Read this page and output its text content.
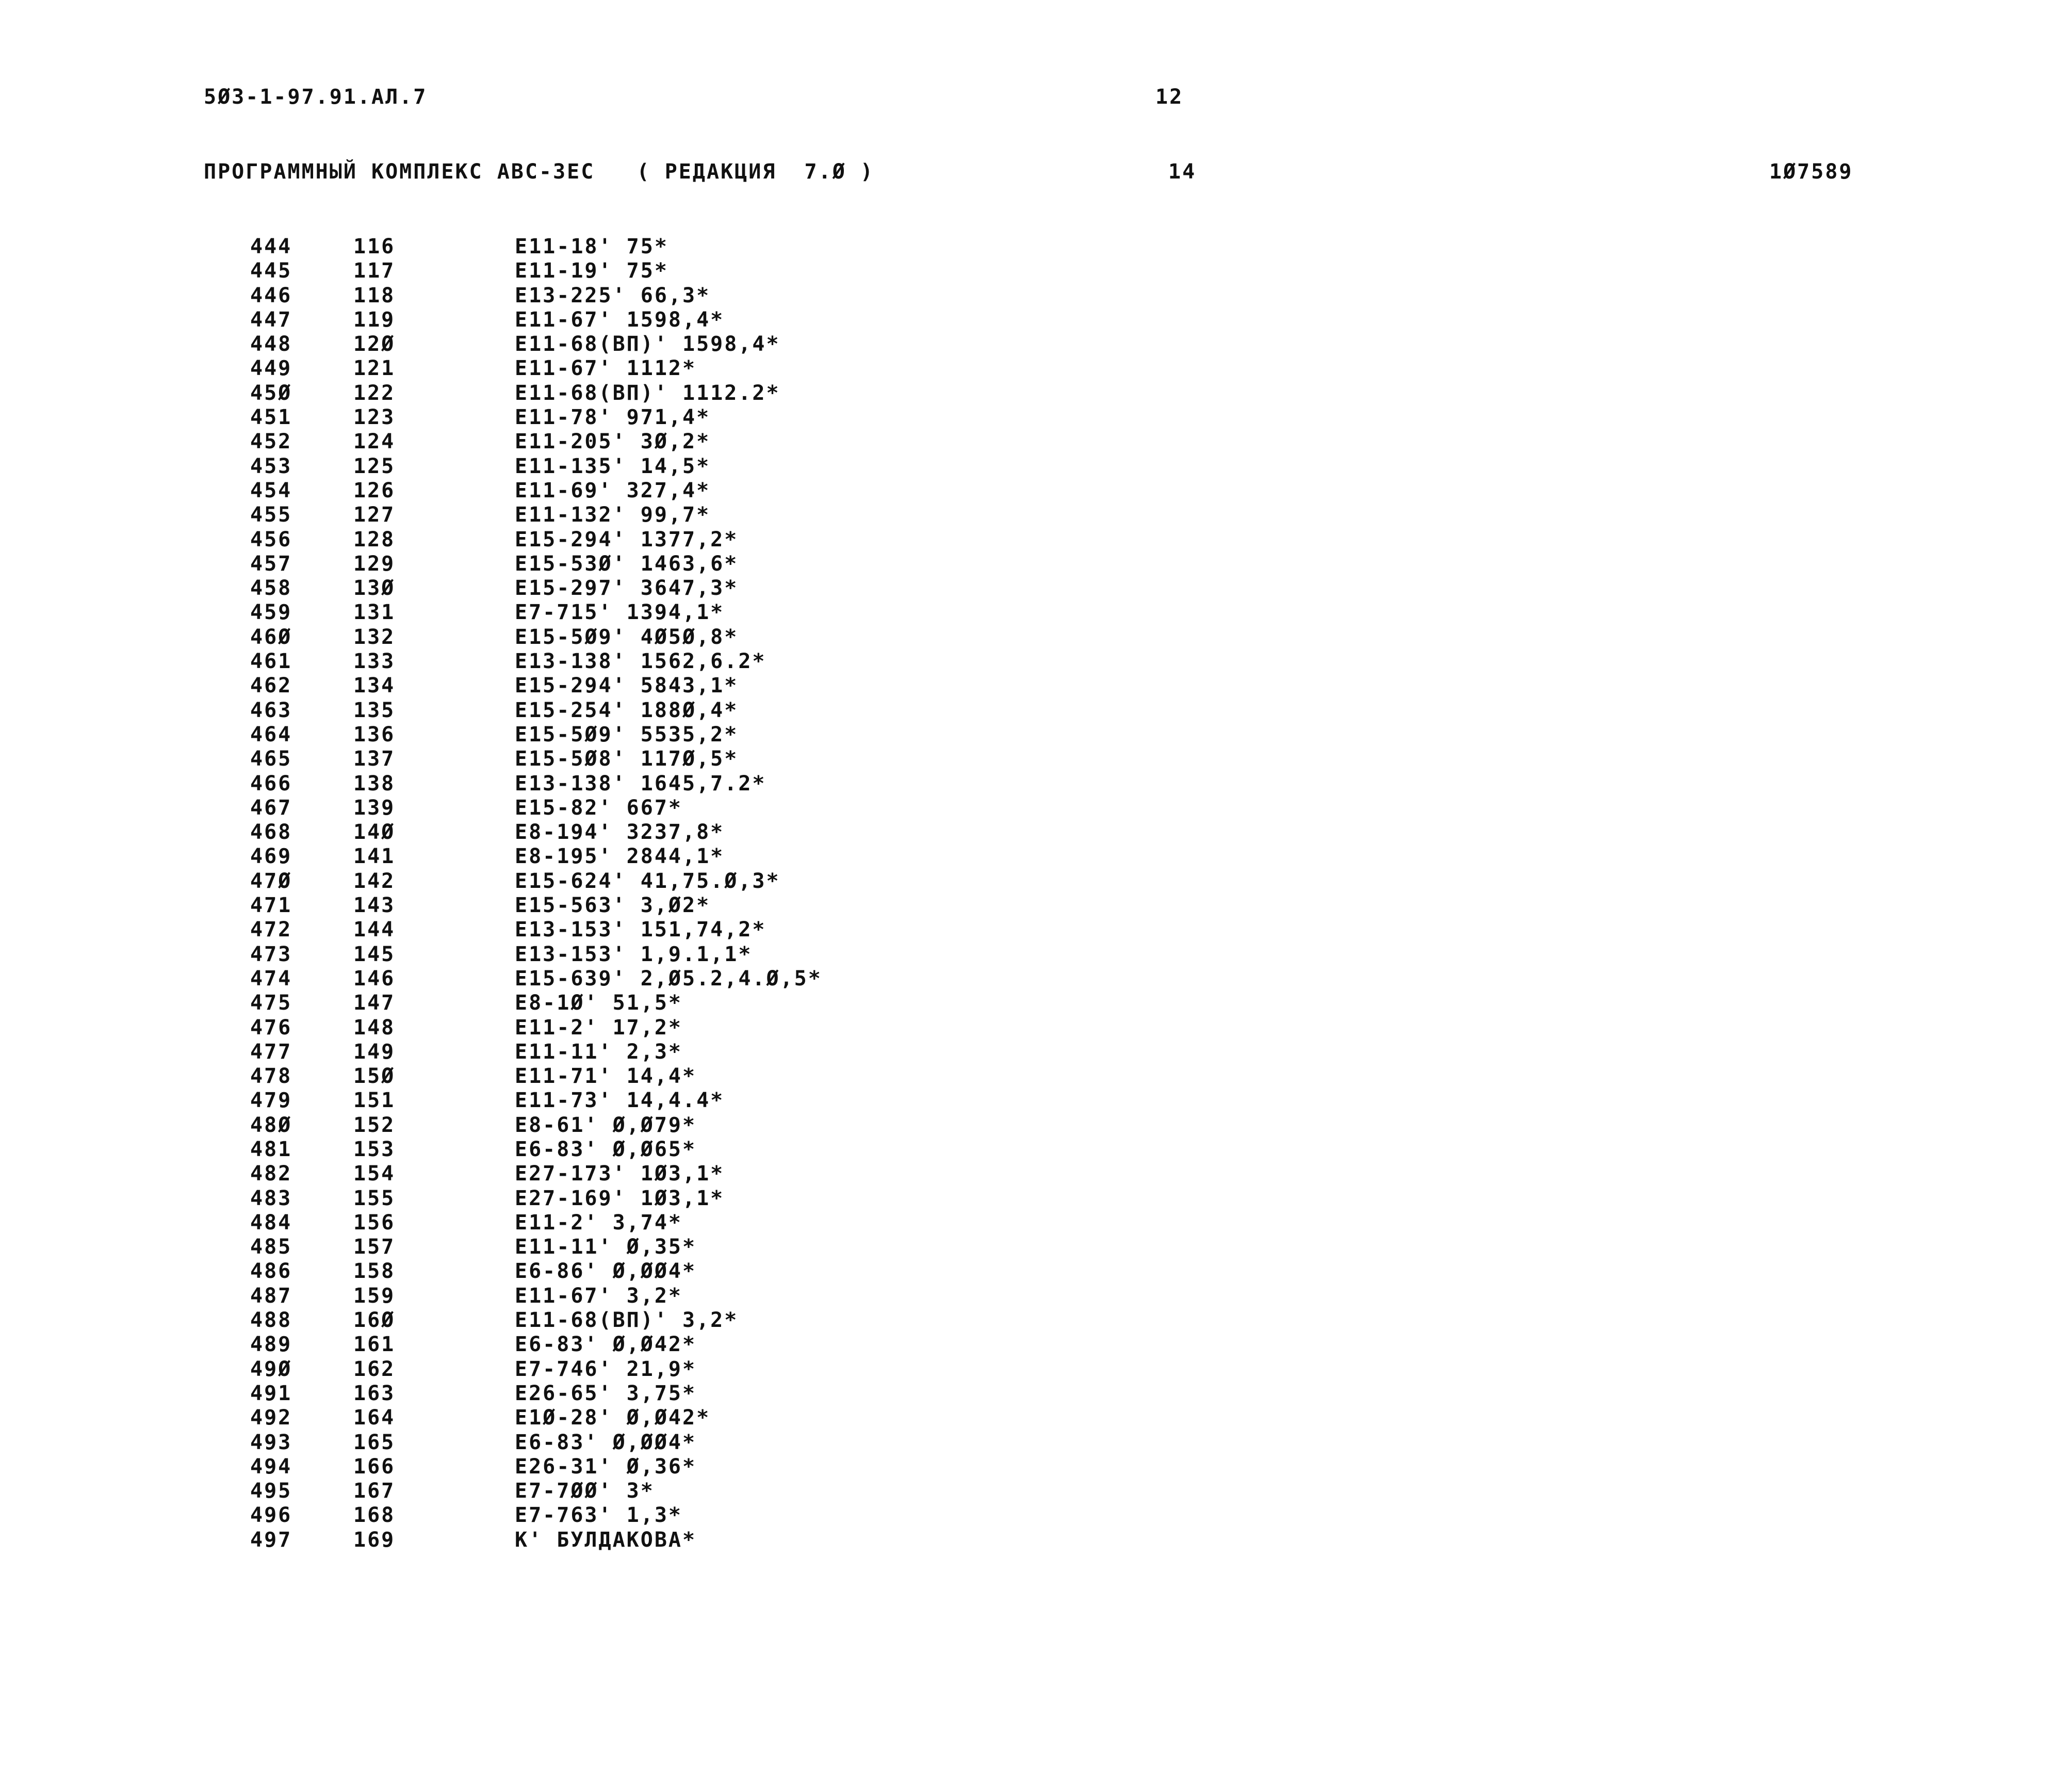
5Ø3-1-97.91.АЛ.7	12
ПРОГРАММНЫЙ КОМПЛЕКС АВС-3ЕС   ( РЕДАКЦИЯ  7.Ø )	14	1Ø7589
444	116	E11-18' 75*
445	117	E11-19' 75*
446	118	E13-225' 66,3*
447	119	E11-67' 1598,4*
448	12Ø	E11-68(ВП)' 1598,4*
449	121	E11-67' 1112*
45Ø	122	E11-68(ВП)' 1112.2*
451	123	E11-78' 971,4*
452	124	E11-205' 3Ø,2*
453	125	E11-135' 14,5*
454	126	E11-69' 327,4*
455	127	E11-132' 99,7*
456	128	E15-294' 1377,2*
457	129	E15-53Ø' 1463,6*
458	13Ø	E15-297' 3647,3*
459	131	E7-715' 1394,1*
46Ø	132	E15-5Ø9' 4Ø5Ø,8*
461	133	E13-138' 1562,6.2*
462	134	E15-294' 5843,1*
463	135	E15-254' 188Ø,4*
464	136	E15-5Ø9' 5535,2*
465	137	E15-5Ø8' 117Ø,5*
466	138	E13-138' 1645,7.2*
467	139	E15-82' 667*
468	14Ø	E8-194' 3237,8*
469	141	E8-195' 2844,1*
47Ø	142	E15-624' 41,75.Ø,3*
471	143	E15-563' 3,Ø2*
472	144	E13-153' 151,74,2*
473	145	E13-153' 1,9.1,1*
474	146	E15-639' 2,Ø5.2,4.Ø,5*
475	147	E8-1Ø' 51,5*
476	148	E11-2' 17,2*
477	149	E11-11' 2,3*
478	15Ø	E11-71' 14,4*
479	151	E11-73' 14,4.4*
48Ø	152	E8-61' Ø,Ø79*
481	153	E6-83' Ø,Ø65*
482	154	E27-173' 1Ø3,1*
483	155	E27-169' 1Ø3,1*
484	156	E11-2' 3,74*
485	157	E11-11' Ø,35*
486	158	E6-86' Ø,ØØ4*
487	159	E11-67' 3,2*
488	16Ø	E11-68(ВП)' 3,2*
489	161	E6-83' Ø,Ø42*
49Ø	162	E7-746' 21,9*
491	163	E26-65' 3,75*
492	164	E1Ø-28' Ø,Ø42*
493	165	E6-83' Ø,ØØ4*
494	166	E26-31' Ø,36*
495	167	E7-7ØØ' 3*
496	168	E7-763' 1,3*
497	169	К' БУЛДАКОВА*
